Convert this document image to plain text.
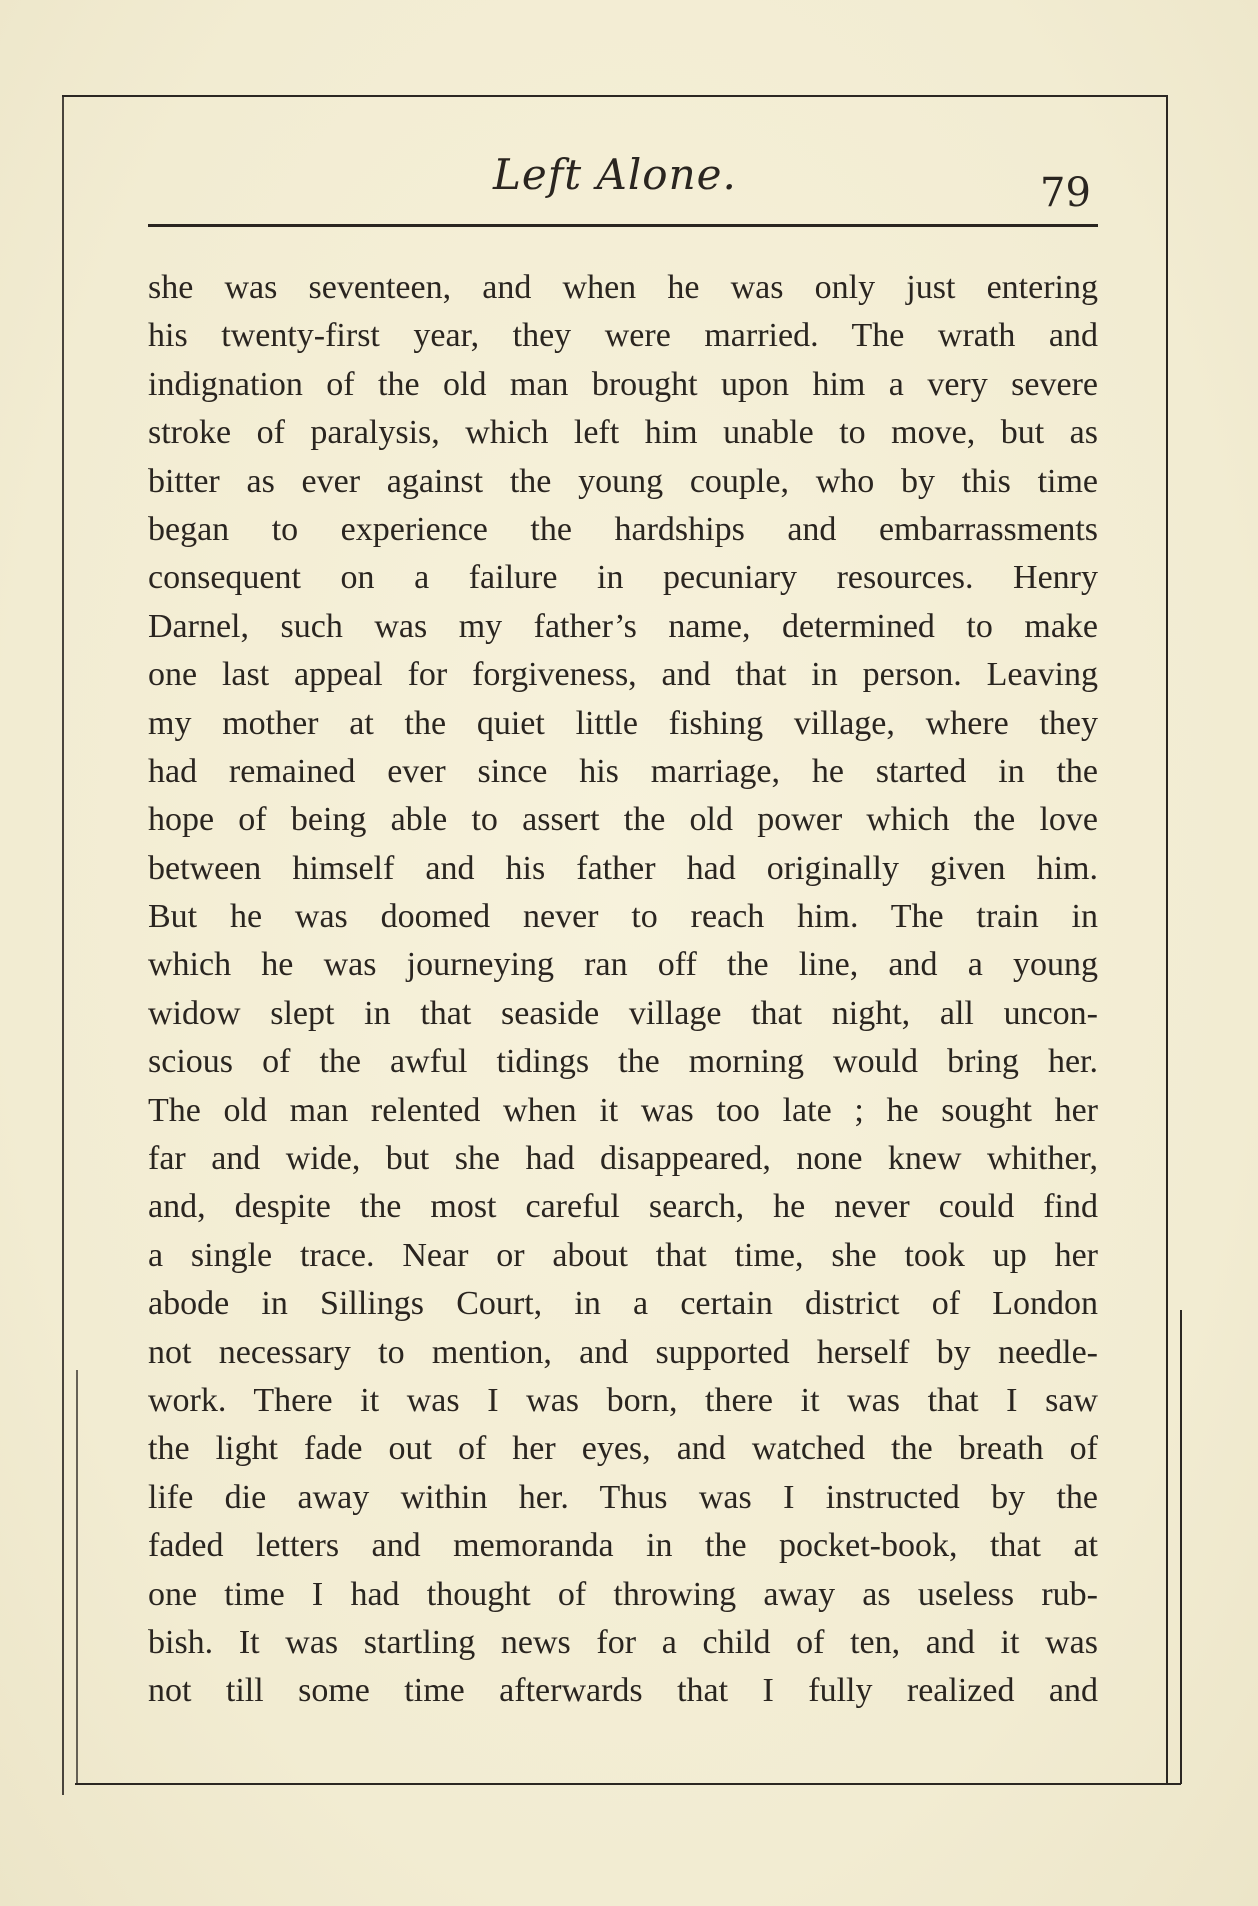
Left Alone.	79
she was seventeen, and when he was only just entering
his twenty-first year, they were married. The wrath and
indignation of the old man brought upon him a very severe
stroke of paralysis, which left him unable to move, but as
bitter as ever against the young couple, who by this time
began to experience the hardships and embarrassments
consequent on a failure in pecuniary resources. Henry
Darnel, such was my father’s name, determined to make
one last appeal for forgiveness, and that in person. Leaving
my mother at the quiet little fishing village, where they
had remained ever since his marriage, he started in the
hope of being able to assert the old power which the love
between himself and his father had originally given him.
But he was doomed never to reach him. The train in
which he was journeying ran off the line, and a young
widow slept in that seaside village that night, all uncon-
scious of the awful tidings the morning would bring her.
The old man relented when it was too late ; he sought her
far and wide, but she had disappeared, none knew whither,
and, despite the most careful search, he never could find
a single trace. Near or about that time, she took up her
abode in Sillings Court, in a certain district of London
not necessary to mention, and supported herself by needle-
work. There it was I was born, there it was that I saw
the light fade out of her eyes, and watched the breath of
life die away within her. Thus was I instructed by the
faded letters and memoranda in the pocket-book, that at
one time I had thought of throwing away as useless rub-
bish. It was startling news for a child of ten, and it was
not till some time afterwards that I fully realized and
